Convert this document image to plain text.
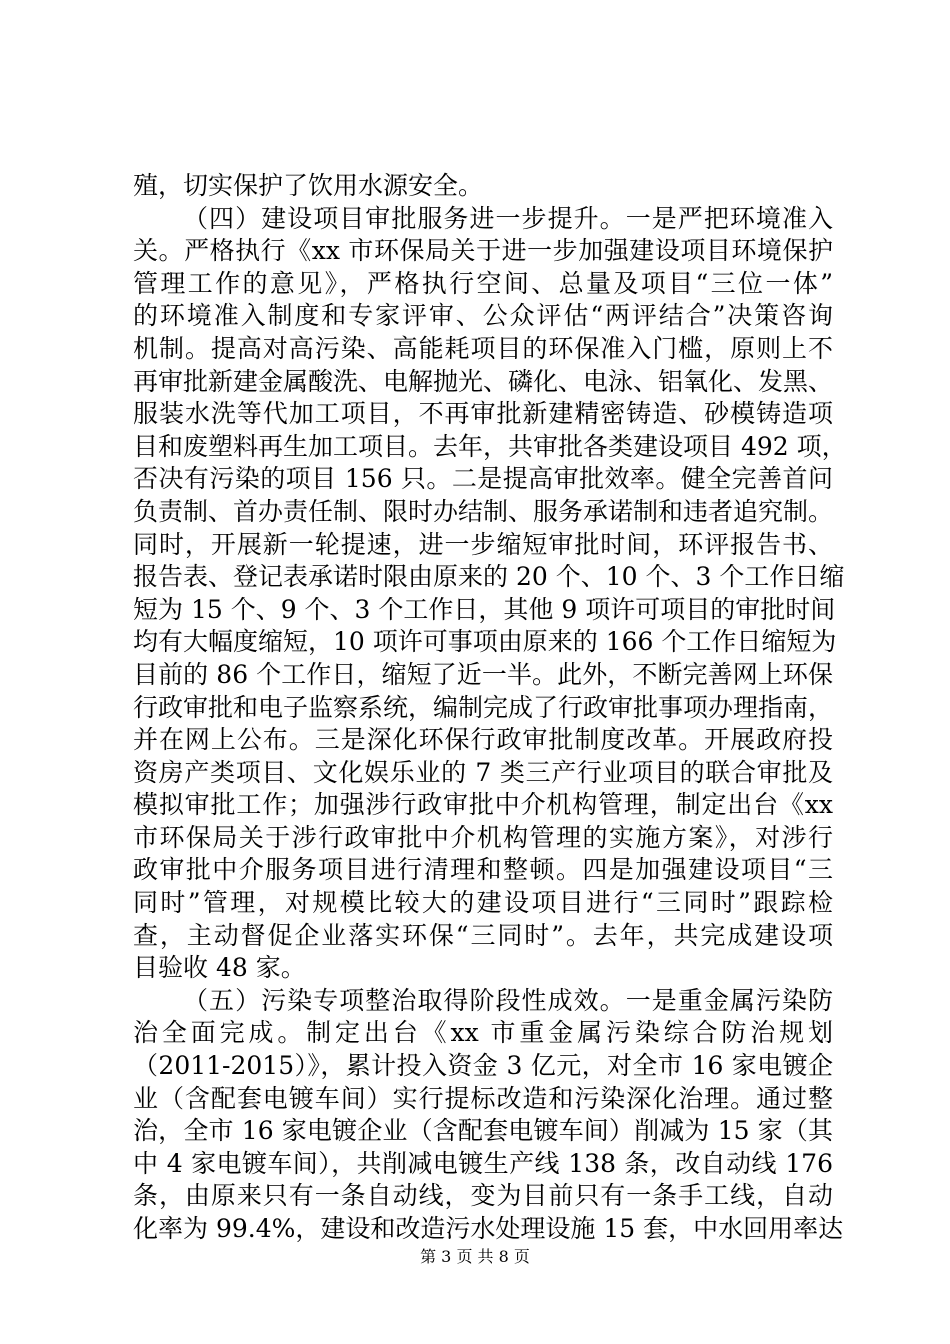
殖，切实保护了饮用水源安全。
（四）建设项目审批服务进一步提升。一是严把环境准入
关。严格执行《xx 市环保局关于进一步加强建设项目环境保护
管理工作的意见》，严格执行空间、总量及项目“三位一体”
的环境准入制度和专家评审、公众评估“两评结合”决策咨询
机制。提高对高污染、高能耗项目的环保准入门槛，原则上不
再审批新建金属酸洗、电解抛光、磷化、电泳、铝氧化、发黑、
服装水洗等代加工项目，不再审批新建精密铸造、砂模铸造项
目和废塑料再生加工项目。去年，共审批各类建设项目 492 项，
否决有污染的项目 156 只。二是提高审批效率。健全完善首问
负责制、首办责任制、限时办结制、服务承诺制和违者追究制。
同时，开展新一轮提速，进一步缩短审批时间，环评报告书、
报告表、登记表承诺时限由原来的 20 个、10 个、3 个工作日缩
短为 15 个、9 个、3 个工作日，其他 9 项许可项目的审批时间
均有大幅度缩短，10 项许可事项由原来的 166 个工作日缩短为
目前的 86 个工作日，缩短了近一半。此外，不断完善网上环保
行政审批和电子监察系统，编制完成了行政审批事项办理指南，
并在网上公布。三是深化环保行政审批制度改革。开展政府投
资房产类项目、文化娱乐业的 7 类三产行业项目的联合审批及
模拟审批工作；加强涉行政审批中介机构管理，制定出台《xx
市环保局关于涉行政审批中介机构管理的实施方案》，对涉行
政审批中介服务项目进行清理和整顿。四是加强建设项目“三
同时”管理，对规模比较大的建设项目进行“三同时”跟踪检
查，主动督促企业落实环保“三同时”。去年，共完成建设项
目验收 48 家。
（五）污染专项整治取得阶段性成效。一是重金属污染防
治全面完成。制定出台《xx 市重金属污染综合防治规划
（2011-2015）》，累计投入资金 3 亿元，对全市 16 家电镀企
业（含配套电镀车间）实行提标改造和污染深化治理。通过整
治，全市 16 家电镀企业（含配套电镀车间）削减为 15 家（其
中 4 家电镀车间），共削减电镀生产线 138 条，改自动线 176
条，由原来只有一条自动线，变为目前只有一条手工线，自动
化率为 99.4%，建设和改造污水处理设施 15 套，中水回用率达
第 3 页 共 8 页
